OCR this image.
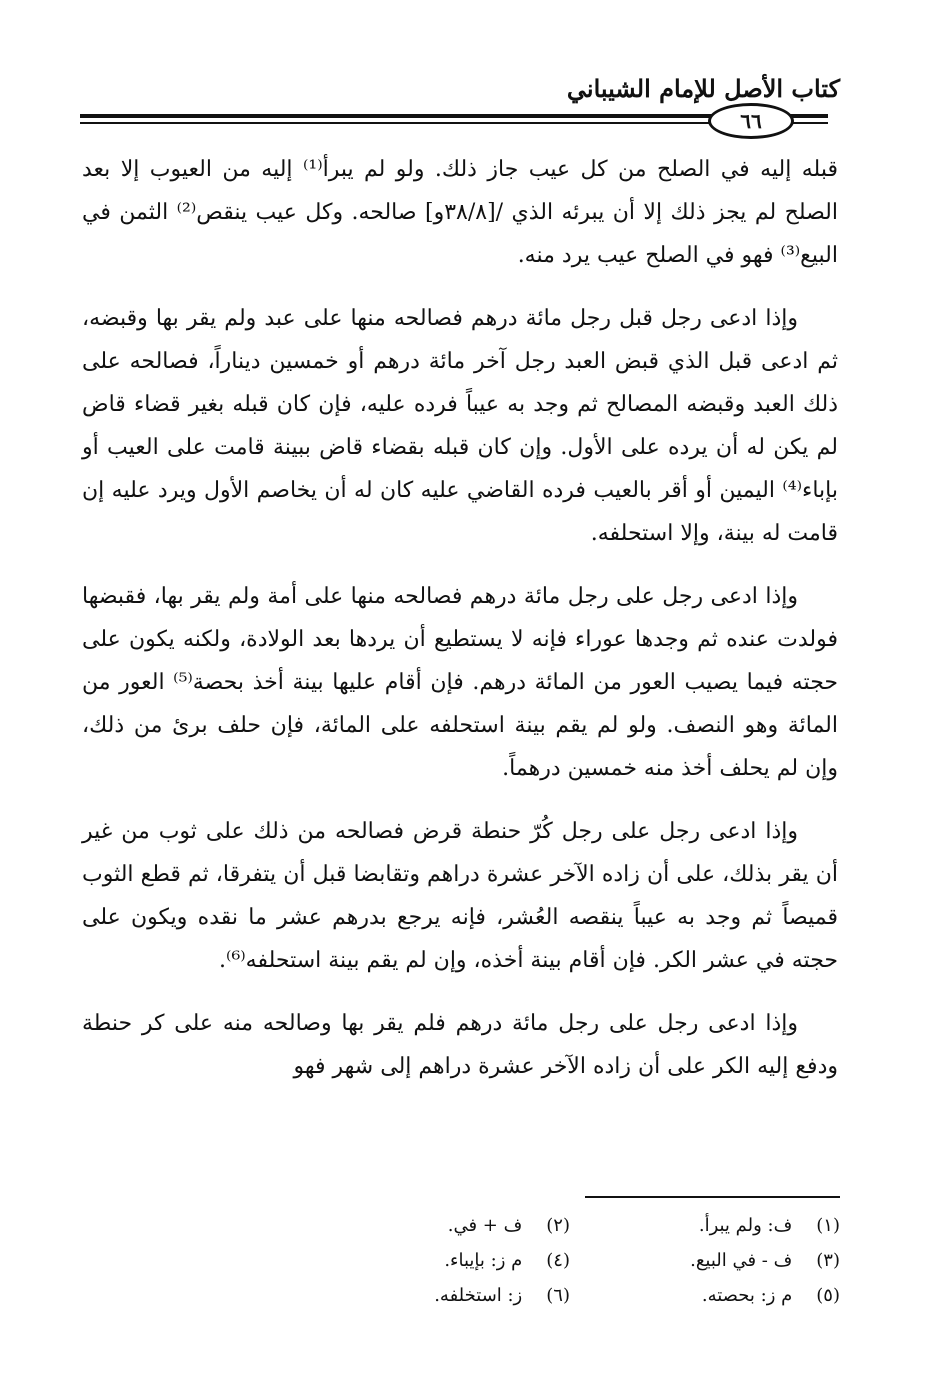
كتاب الأصل للإمام الشيباني
٦٦

قبله إليه في الصلح من كل عيب جاز ذلك. ولو لم يبرأ⁽¹⁾ إليه من العيوب إلا بعد الصلح لم يجز ذلك إلا أن يبرئه الذي /[٣٨/٨و] صالحه. وكل عيب ينقص⁽²⁾ الثمن في البيع⁽³⁾ فهو في الصلح عيب يرد منه.

وإذا ادعى رجل قبل رجل مائة درهم فصالحه منها على عبد ولم يقر بها وقبضه، ثم ادعى قبل الذي قبض العبد رجل آخر مائة درهم أو خمسين ديناراً، فصالحه على ذلك العبد وقبضه المصالح ثم وجد به عيباً فرده عليه، فإن كان قبله بغير قضاء قاض لم يكن له أن يرده على الأول. وإن كان قبله بقضاء قاض ببينة قامت على العيب أو بإباء⁽⁴⁾ اليمين أو أقر بالعيب فرده القاضي عليه كان له أن يخاصم الأول ويرد عليه إن قامت له بينة، وإلا استحلفه.

وإذا ادعى رجل على رجل مائة درهم فصالحه منها على أمة ولم يقر بها، فقبضها فولدت عنده ثم وجدها عوراء فإنه لا يستطيع أن يردها بعد الولادة، ولكنه يكون على حجته فيما يصيب العور من المائة درهم. فإن أقام عليها بينة أخذ بحصة⁽⁵⁾ العور من المائة وهو النصف. ولو لم يقم بينة استحلفه على المائة، فإن حلف برئ من ذلك، وإن لم يحلف أخذ منه خمسين درهماً.

وإذا ادعى رجل على رجل كُرّ حنطة قرض فصالحه من ذلك على ثوب من غير أن يقر بذلك، على أن زاده الآخر عشرة دراهم وتقابضا قبل أن يتفرقا، ثم قطع الثوب قميصاً ثم وجد به عيباً ينقصه العُشر، فإنه يرجع بدرهم عشر ما نقده ويكون على حجته في عشر الكر. فإن أقام بينة أخذه، وإن لم يقم بينة استحلفه⁽⁶⁾.

وإذا ادعى رجل على رجل مائة درهم فلم يقر بها وصالحه منه على كر حنطة ودفع إليه الكر على أن زاده الآخر عشرة دراهم إلى شهر فهو

(١) ف: ولم يبرأ.
(٢) ف + في.
(٣) ف - في البيع.
(٤) م ز: بإيباء.
(٥) م ز: بحصته.
(٦) ز: استخلفه.
